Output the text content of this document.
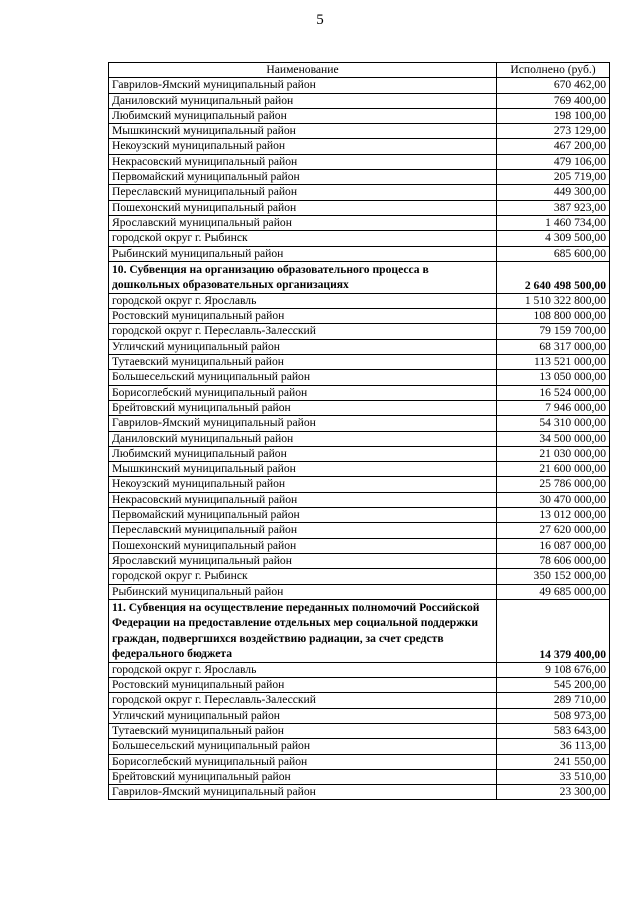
5
Наименование	Исполнено (руб.)
Гаврилов-Ямский муниципальный район	670 462,00
Даниловский муниципальный район	769 400,00
Любимский муниципальный район	198 100,00
Мышкинский муниципальный район	273 129,00
Некоузский муниципальный район	467 200,00
Некрасовский муниципальный район	479 106,00
Первомайский муниципальный район	205 719,00
Переславский муниципальный район	449 300,00
Пошехонский муниципальный район	387 923,00
Ярославский муниципальный район	1 460 734,00
городской округ г. Рыбинск	4 309 500,00
Рыбинский муниципальный район	685 600,00
10. Субвенция на организацию образовательного процесса в дошкольных образовательных организациях	2 640 498 500,00
городской округ г. Ярославль	1 510 322 800,00
Ростовский муниципальный район	108 800 000,00
городской округ г. Переславль-Залесский	79 159 700,00
Угличский муниципальный район	68 317 000,00
Тутаевский муниципальный район	113 521 000,00
Большесельский муниципальный район	13 050 000,00
Борисоглебский муниципальный район	16 524 000,00
Брейтовский муниципальный район	7 946 000,00
Гаврилов-Ямский муниципальный район	54 310 000,00
Даниловский муниципальный район	34 500 000,00
Любимский муниципальный район	21 030 000,00
Мышкинский муниципальный район	21 600 000,00
Некоузский муниципальный район	25 786 000,00
Некрасовский муниципальный район	30 470 000,00
Первомайский муниципальный район	13 012 000,00
Переславский муниципальный район	27 620 000,00
Пошехонский муниципальный район	16 087 000,00
Ярославский муниципальный район	78 606 000,00
городской округ г. Рыбинск	350 152 000,00
Рыбинский муниципальный район	49 685 000,00
11. Субвенция на осуществление переданных полномочий Российской Федерации на предоставление отдельных мер социальной поддержки граждан, подвергшихся воздействию радиации, за счет средств федерального бюджета	14 379 400,00
городской округ г. Ярославль	9 108 676,00
Ростовский муниципальный район	545 200,00
городской округ г. Переславль-Залесский	289 710,00
Угличский муниципальный район	508 973,00
Тутаевский муниципальный район	583 643,00
Большесельский муниципальный район	36 113,00
Борисоглебский муниципальный район	241 550,00
Брейтовский муниципальный район	33 510,00
Гаврилов-Ямский муниципальный район	23 300,00
